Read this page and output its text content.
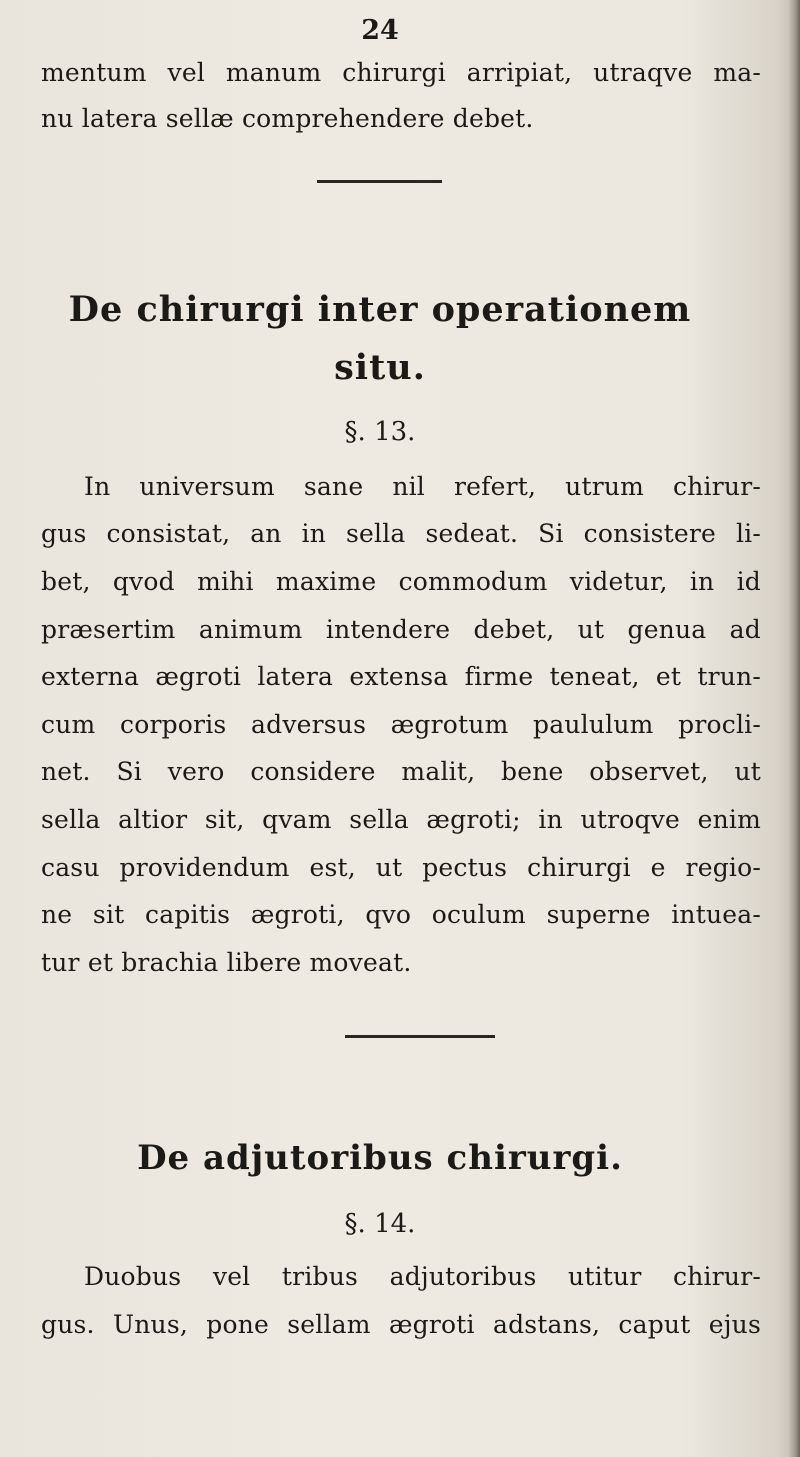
24
mentum vel manum chirurgi arripiat, utraqve ma-
nu latera sellæ comprehendere debet.
De chirurgi inter operationem
situ.
§. 13.
In universum sane nil refert, utrum chirur-
gus consistat, an in sella sedeat. Si consistere li-
bet, qvod mihi maxime commodum videtur, in id
præsertim animum intendere debet, ut genua ad
externa ægroti latera extensa firme teneat, et trun-
cum corporis adversus ægrotum paululum procli-
net. Si vero considere malit, bene observet, ut
sella altior sit, qvam sella ægroti; in utroqve enim
casu providendum est, ut pectus chirurgi e regio-
ne sit capitis ægroti, qvo oculum superne intuea-
tur et brachia libere moveat.
De adjutoribus chirurgi.
§. 14.
Duobus vel tribus adjutoribus utitur chirur-
gus. Unus, pone sellam ægroti adstans, caput ejus
